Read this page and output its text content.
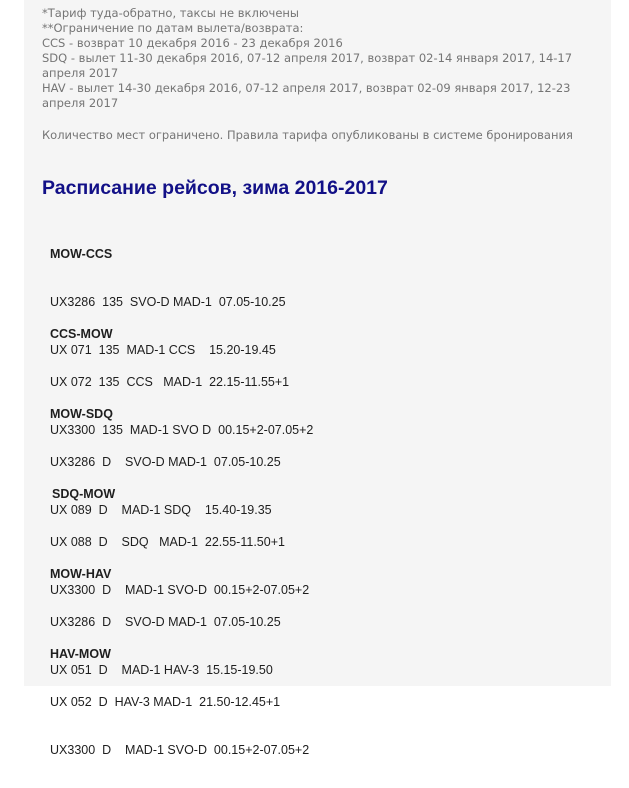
*Тариф туда-обратно, таксы не включены
**Ограничение по датам вылета/возврата:
CCS - возврат 10 декабря 2016 - 23 декабря 2016
SDQ - вылет 11-30 декабря 2016, 07-12 апреля 2017, возврат 02-14 января 2017, 14-17 апреля 2017
HAV - вылет 14-30 декабря 2016, 07-12 апреля 2017, возврат 02-09 января 2017, 12-23 апреля 2017
Количество мест ограничено. Правила тарифа опубликованы в системе бронирования
Расписание рейсов, зима 2016-2017

MOW-CCS

UX3286  135  SVO-D MAD-1  07.05-10.25

UX 071  135  MAD-1 CCS    15.20-19.45

CCS-MOW

UX 072  135  CCS   MAD-1  22.15-11.55+1

UX3300  135  MAD-1 SVO D  00.15+2-07.05+2

MOW-SDQ

UX3286  D    SVO-D MAD-1  07.05-10.25

UX 089  D    MAD-1 SDQ    15.40-19.35

SDQ-MOW

UX 088  D    SDQ   MAD-1  22.55-11.50+1

UX3300  D    MAD-1 SVO-D  00.15+2-07.05+2

MOW-HAV

UX3286  D    SVO-D MAD-1  07.05-10.25

UX 051  D    MAD-1 HAV-3  15.15-19.50

HAV-MOW

UX 052  D  HAV-3 MAD-1  21.50-12.45+1

UX3300  D    MAD-1 SVO-D  00.15+2-07.05+2
